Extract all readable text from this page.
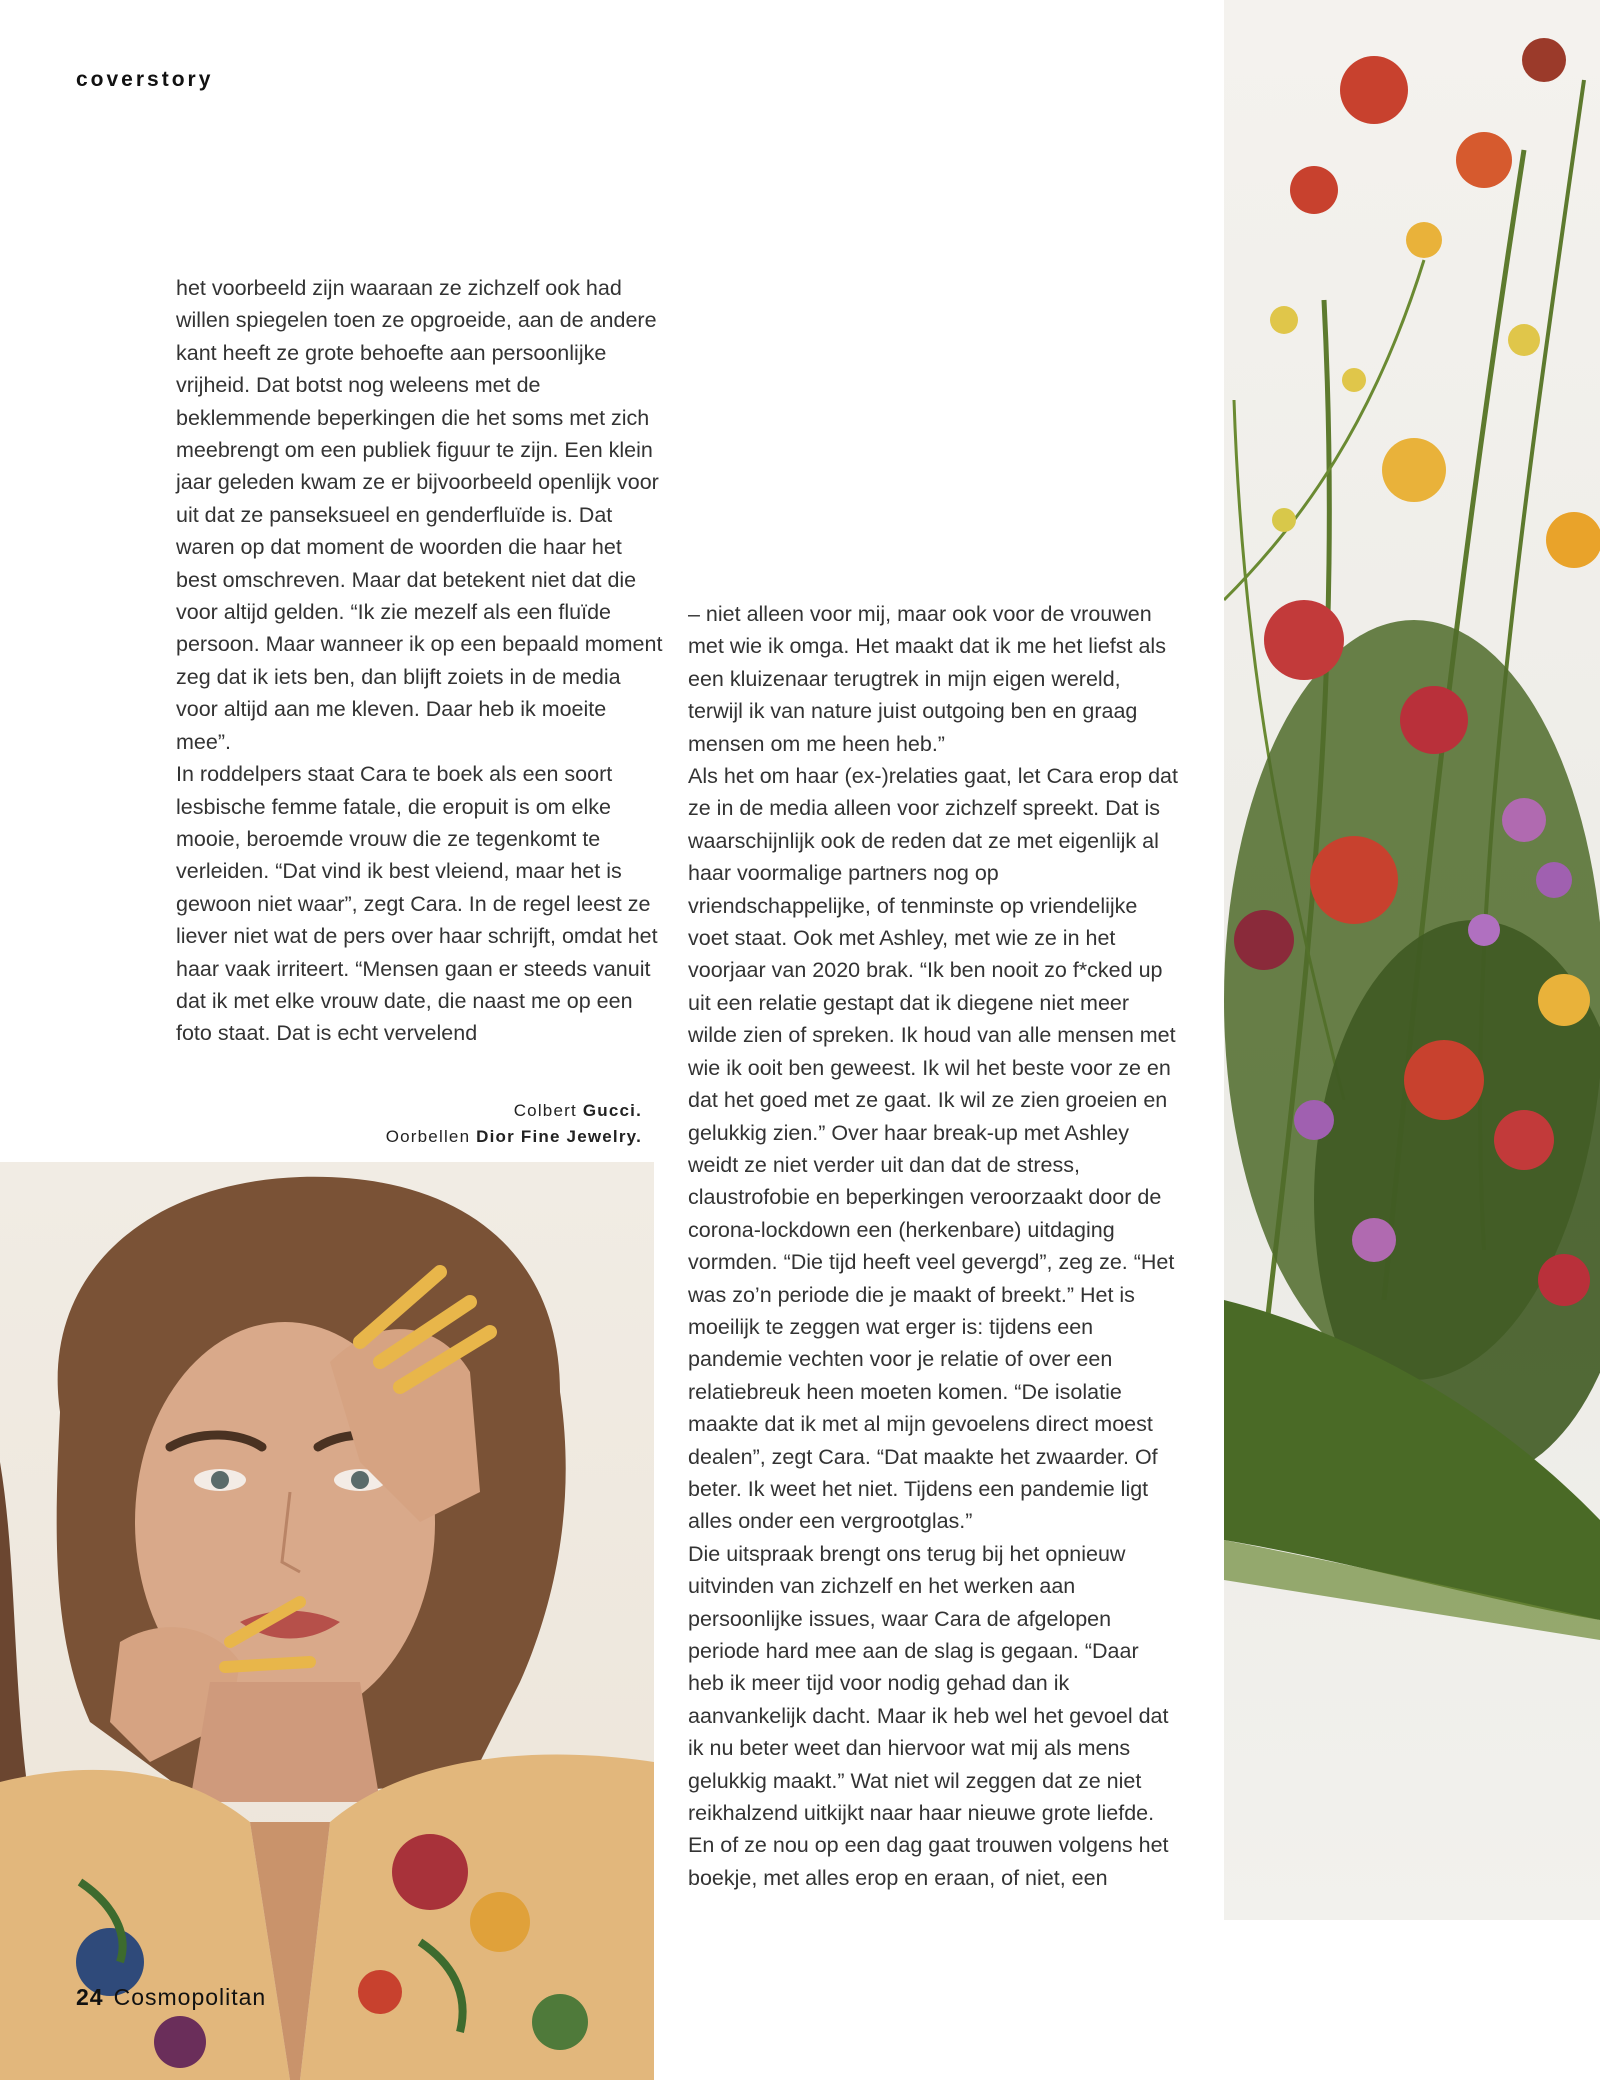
coverstory

het voorbeeld zijn waaraan ze zichzelf ook had willen spiegelen toen ze opgroeide, aan de andere kant heeft ze grote behoefte aan persoonlijke vrijheid. Dat botst nog weleens met de beklemmende beperkingen die het soms met zich meebrengt om een publiek figuur te zijn. Een klein jaar geleden kwam ze er bijvoorbeeld openlijk voor uit dat ze panseksueel en genderfluïde is. Dat waren op dat moment de woorden die haar het best omschreven. Maar dat betekent niet dat die voor altijd gelden. “Ik zie mezelf als een fluïde persoon. Maar wanneer ik op een bepaald moment zeg dat ik iets ben, dan blijft zoiets in de media voor altijd aan me kleven. Daar heb ik moeite mee”.

In roddelpers staat Cara te boek als een soort lesbische femme fatale, die eropuit is om elke mooie, beroemde vrouw die ze tegenkomt te verleiden. “Dat vind ik best vleiend, maar het is gewoon niet waar”, zegt Cara. In de regel leest ze liever niet wat de pers over haar schrijft, omdat het haar vaak irriteert. “Mensen gaan er steeds vanuit dat ik met elke vrouw date, die naast me op een foto staat. Dat is echt vervelend

– niet alleen voor mij, maar ook voor de vrouwen met wie ik omga. Het maakt dat ik me het liefst als een kluizenaar terugtrek in mijn eigen wereld, terwijl ik van nature juist outgoing ben en graag mensen om me heen heb.”

Als het om haar (ex-)relaties gaat, let Cara erop dat ze in de media alleen voor zichzelf spreekt. Dat is waarschijnlijk ook de reden dat ze met eigenlijk al haar voormalige partners nog op vriendschappelijke, of tenminste op vriendelijke voet staat. Ook met Ashley, met wie ze in het voorjaar van 2020 brak. “Ik ben nooit zo f*cked up uit een relatie gestapt dat ik diegene niet meer wilde zien of spreken. Ik houd van alle mensen met wie ik ooit ben geweest. Ik wil het beste voor ze en dat het goed met ze gaat. Ik wil ze zien groeien en gelukkig zien.” Over haar break-up met Ashley weidt ze niet verder uit dan dat de stress, claustrofobie en beperkingen veroorzaakt door de corona-lockdown een (herkenbare) uitdaging vormden. “Die tijd heeft veel gevergd”, zeg ze. “Het was zo’n periode die je maakt of breekt.” Het is moeilijk te zeggen wat erger is: tijdens een pandemie vechten voor je relatie of over een relatiebreuk heen moeten komen. “De isolatie maakte dat ik met al mijn gevoelens direct moest dealen”, zegt Cara. “Dat maakte het zwaarder. Of beter. Ik weet het niet. Tijdens een pandemie ligt alles onder een vergrootglas.”

Die uitspraak brengt ons terug bij het opnieuw uitvinden van zichzelf en het werken aan persoonlijke issues, waar Cara de afgelopen periode hard mee aan de slag is gegaan. “Daar heb ik meer tijd voor nodig gehad dan ik aanvankelijk dacht. Maar ik heb wel het gevoel dat ik nu beter weet dan hiervoor wat mij als mens gelukkig maakt.” Wat niet wil zeggen dat ze niet reikhalzend uitkijkt naar haar nieuwe grote liefde. En of ze nou op een dag gaat trouwen volgens het boekje, met alles erop en eraan, of niet, een

Colbert Gucci.
Oorbellen Dior Fine Jewelry.
24 Cosmopolitan
